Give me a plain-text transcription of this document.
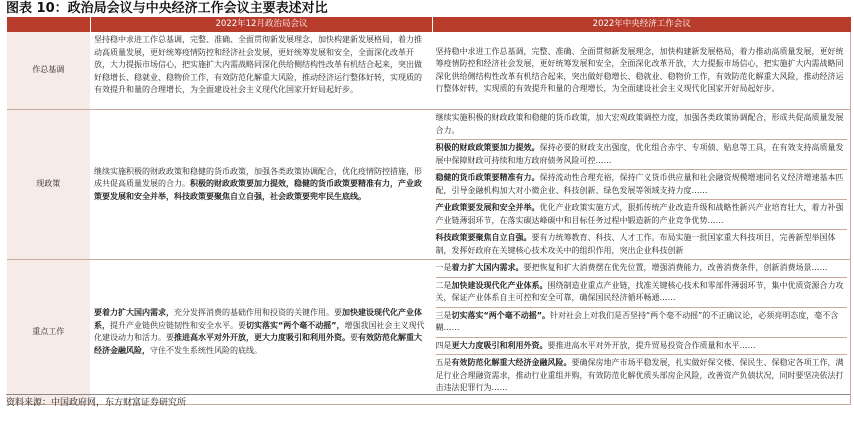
图表 10：政治局会议与中央经济工作会议主要表述对比
	2022年12月政治局会议	2022年中央经济工作会议
作总基调	坚持稳中求进工作总基调，完整、准确、全面贯彻新发展理念，加快构建新发展格局，着力推动高质量发展，更好统筹疫情防控和经济社会发展，更好统筹发展和安全，全面深化改革开放，大力提振市场信心，把实施扩大内需战略同深化供给侧结构性改革有机结合起来，突出做好稳增长、稳就业、稳物价工作，有效防范化解重大风险，推动经济运行整体好转，实现质的有效提升和量的合理增长，为全面建设社会主义现代化国家开好局起好步。	坚持稳中求进工作总基调，完整、准确、全面贯彻新发展理念，加快构建新发展格局，着力推动高质量发展，更好统筹疫情防控和经济社会发展，更好统筹发展和安全，全面深化改革开放，大力提振市场信心，把实施扩大内需战略同深化供给侧结构性改革有机结合起来，突出做好稳增长、稳就业、稳物价工作，有效防范化解重大风险，推动经济运行整体好转，实现质的有效提升和量的合理增长，为全面建设社会主义现代化国家开好局起好步。
现政策	继续实施积极的财政政策和稳健的货币政策，加强各类政策协调配合，优化疫情防控措施，形成共促高质量发展的合力。积极的财政政策要加力提效，稳健的货币政策要精准有力，产业政策要发展和安全并举，科技政策要聚焦自立自强，社会政策要兜牢民生底线。	继续实施积极的财政政策和稳健的货币政策，加大宏观政策调控力度，加强各类政策协调配合，形成共促高质量发展合力。
积极的财政政策要加力提效。保持必要的财政支出强度，优化组合赤字、专项债、贴息等工具，在有效支持高质量发展中保障财政可持续和地方政府债务风险可控……
稳健的货币政策要精准有力。保持流动性合理充裕，保持广义货币供应量和社会融资规模增速同名义经济增速基本匹配，引导金融机构加大对小微企业、科技创新、绿色发展等领域支持力度……
产业政策要发展和安全并举。优化产业政策实施方式，狠抓传统产业改造升级和战略性新兴产业培育壮大，着力补强产业链薄弱环节，在落实碳达峰碳中和目标任务过程中锻造新的产业竞争优势……
科技政策要聚焦自立自强。要有力统筹教育、科技、人才工作。布局实施一批国家重大科技项目，完善新型举国体制，发挥好政府在关键核心技术攻关中的组织作用，突出企业科技创新
重点工作	要着力扩大国内需求，充分发挥消费的基础作用和投资的关键作用。要加快建设现代化产业体系，提升产业链供应链韧性和安全水平。要切实落实“两个毫不动摇”，增强我国社会主义现代化建设动力和活力。要推进高水平对外开放，更大力度吸引和利用外资。要有效防范化解重大经济金融风险，守住不发生系统性风险的底线。	一是着力扩大国内需求。要把恢复和扩大消费摆在优先位置，增强消费能力，改善消费条件，创新消费场景……
二是加快建设现代化产业体系。围绕制造业重点产业链，找准关键核心技术和零部件薄弱环节，集中优质资源合力攻关，保证产业体系自主可控和安全可靠，确保国民经济循环畅通……
三是切实落实“两个毫不动摇”。针对社会上对我们是否坚持“两个毫不动摇”的不正确议论，必须亮明态度，毫不含糊……
四是更大力度吸引和利用外资。要推进高水平对外开放，提升贸易投资合作质量和水平……
五是有效防范化解重大经济金融风险。要确保房地产市场平稳发展，扎实做好保交楼、保民生、保稳定各项工作，满足行业合理融资需求，推动行业重组并购，有效防范化解优质头部房企风险，改善资产负债状况，同时要坚决依法打击违法犯罪行为……
资料来源：中国政府网，东方财富证券研究所
